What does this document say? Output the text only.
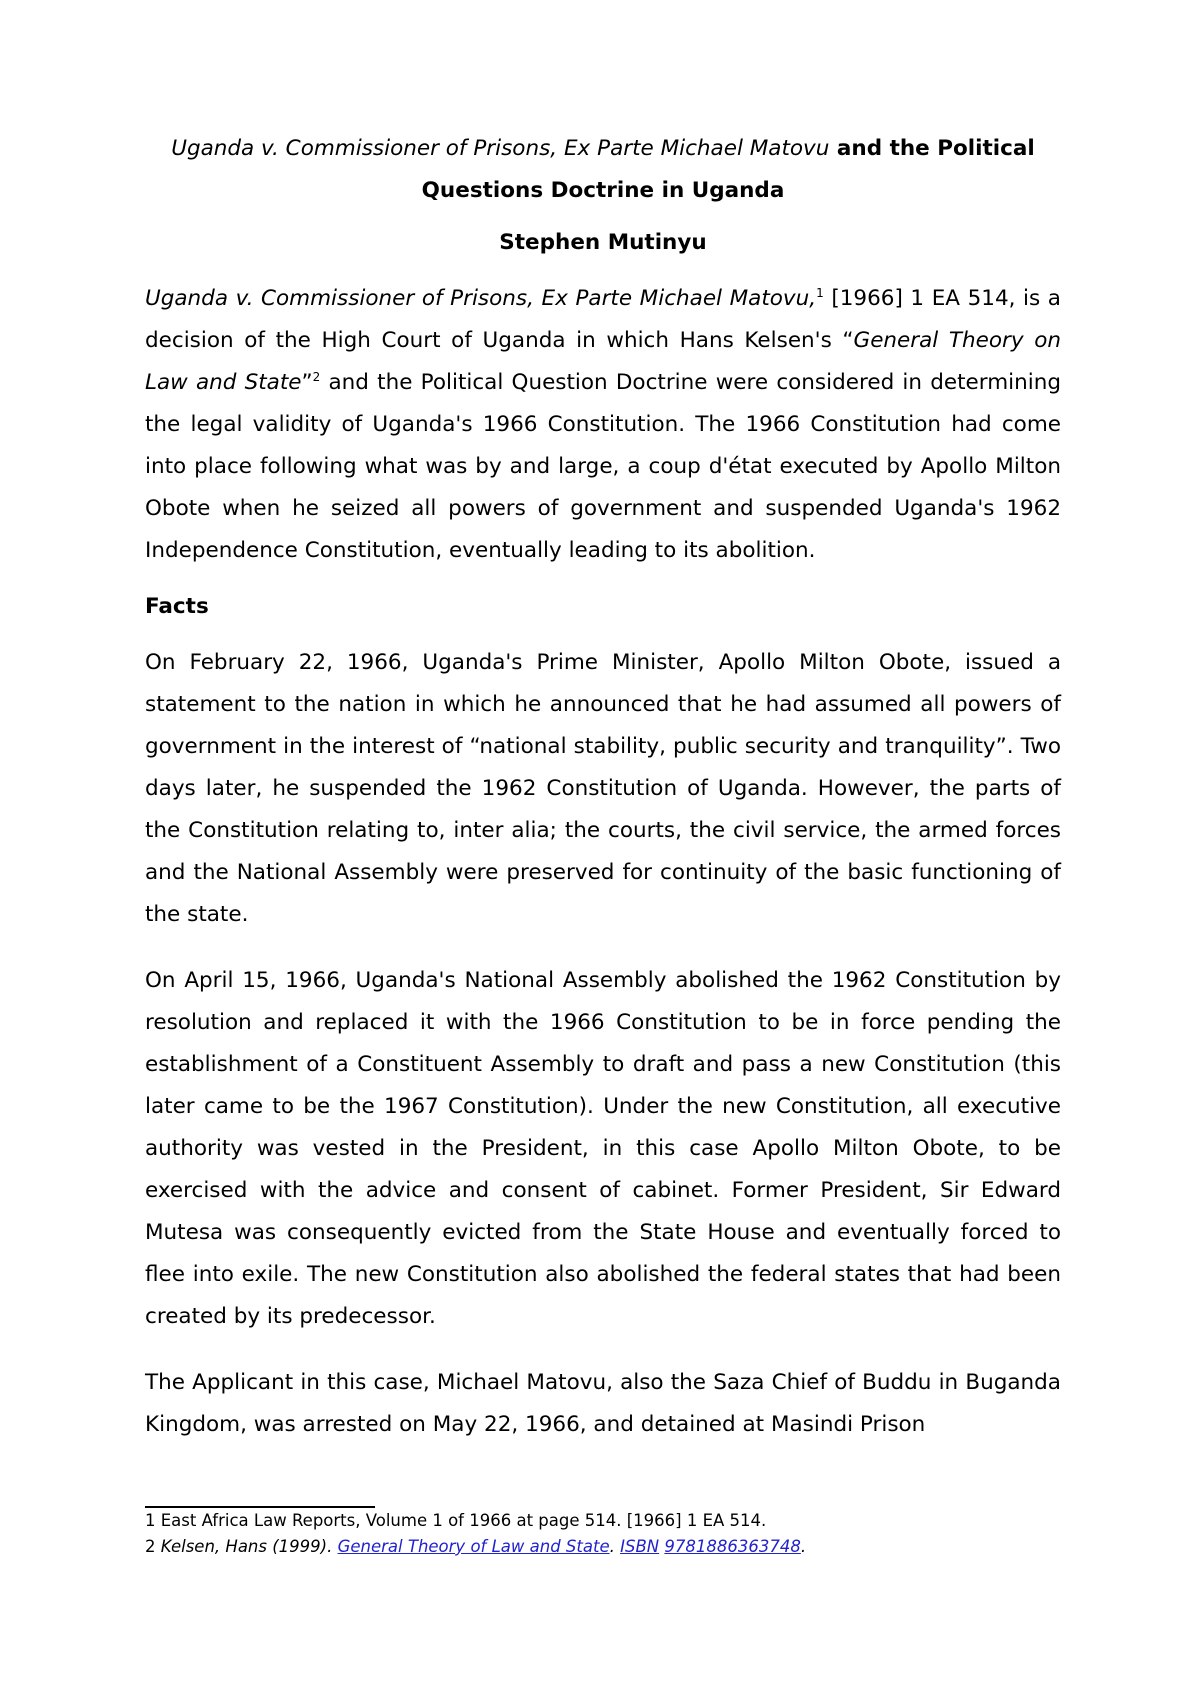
Uganda v. Commissioner of Prisons, Ex Parte Michael Matovu and the Political
Questions Doctrine in Uganda

Stephen Mutinyu

Uganda v. Commissioner of Prisons, Ex Parte Michael Matovu,$^1$ [1966] 1 EA 514, is a decision of the High Court of Uganda in which Hans Kelsen's “General Theory on Law and State”$^2$ and the Political Question Doctrine were considered in determining the legal validity of Uganda's 1966 Constitution. The 1966 Constitution had come into place following what was by and large, a coup d'état executed by Apollo Milton Obote when he seized all powers of government and suspended Uganda's 1962 Independence Constitution, eventually leading to its abolition.

Facts

On February 22, 1966, Uganda's Prime Minister, Apollo Milton Obote, issued a statement to the nation in which he announced that he had assumed all powers of government in the interest of “national stability, public security and tranquility”. Two days later, he suspended the 1962 Constitution of Uganda. However, the parts of the Constitution relating to, inter alia; the courts, the civil service, the armed forces and the National Assembly were preserved for continuity of the basic functioning of the state.

On April 15, 1966, Uganda's National Assembly abolished the 1962 Constitution by resolution and replaced it with the 1966 Constitution to be in force pending the establishment of a Constituent Assembly to draft and pass a new Constitution (this later came to be the 1967 Constitution). Under the new Constitution, all executive authority was vested in the President, in this case Apollo Milton Obote, to be exercised with the advice and consent of cabinet. Former President, Sir Edward Mutesa was consequently evicted from the State House and eventually forced to flee into exile. The new Constitution also abolished the federal states that had been created by its predecessor.

The Applicant in this case, Michael Matovu, also the Saza Chief of Buddu in Buganda Kingdom, was arrested on May 22, 1966, and detained at Masindi Prison

1 East Africa Law Reports, Volume 1 of 1966 at page 514. [1966] 1 EA 514.
2 Kelsen, Hans (1999). General Theory of Law and State. ISBN 9781886363748.
